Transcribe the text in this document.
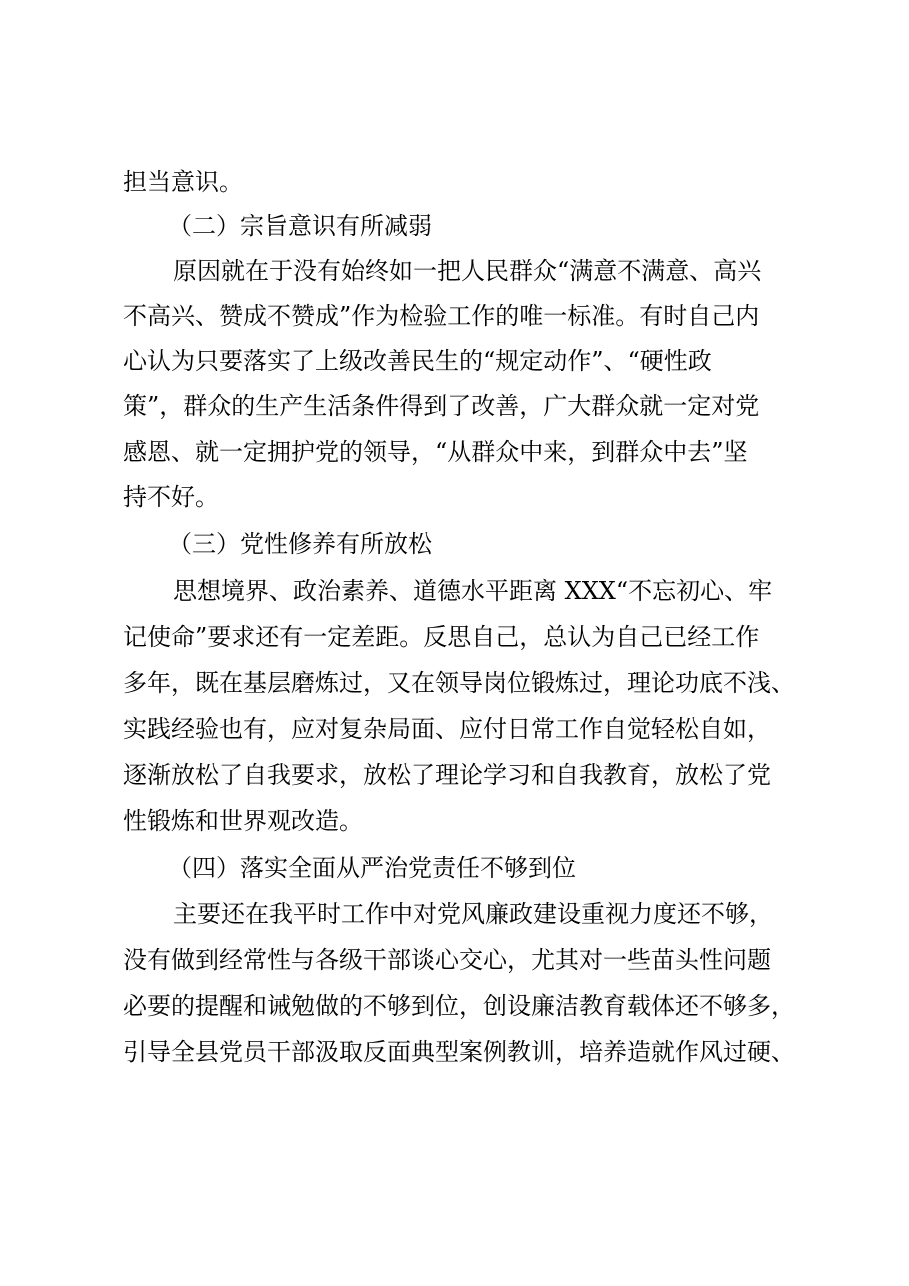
担当意识。
（二）宗旨意识有所减弱
原因就在于没有始终如一把人民群众“满意不满意、高兴
不高兴、赞成不赞成”作为检验工作的唯一标准。有时自己内
心认为只要落实了上级改善民生的“规定动作”、“硬性政
策”，群众的生产生活条件得到了改善，广大群众就一定对党
感恩、就一定拥护党的领导，“从群众中来，到群众中去”坚
持不好。
（三）党性修养有所放松
思想境界、政治素养、道德水平距离 XXX“不忘初心、牢
记使命”要求还有一定差距。反思自己，总认为自己已经工作
多年，既在基层磨炼过，又在领导岗位锻炼过，理论功底不浅、
实践经验也有，应对复杂局面、应付日常工作自觉轻松自如，
逐渐放松了自我要求，放松了理论学习和自我教育，放松了党
性锻炼和世界观改造。
（四）落实全面从严治党责任不够到位
主要还在我平时工作中对党风廉政建设重视力度还不够，
没有做到经常性与各级干部谈心交心，尤其对一些苗头性问题
必要的提醒和诫勉做的不够到位，创设廉洁教育载体还不够多，
引导全县党员干部汲取反面典型案例教训，培养造就作风过硬、
